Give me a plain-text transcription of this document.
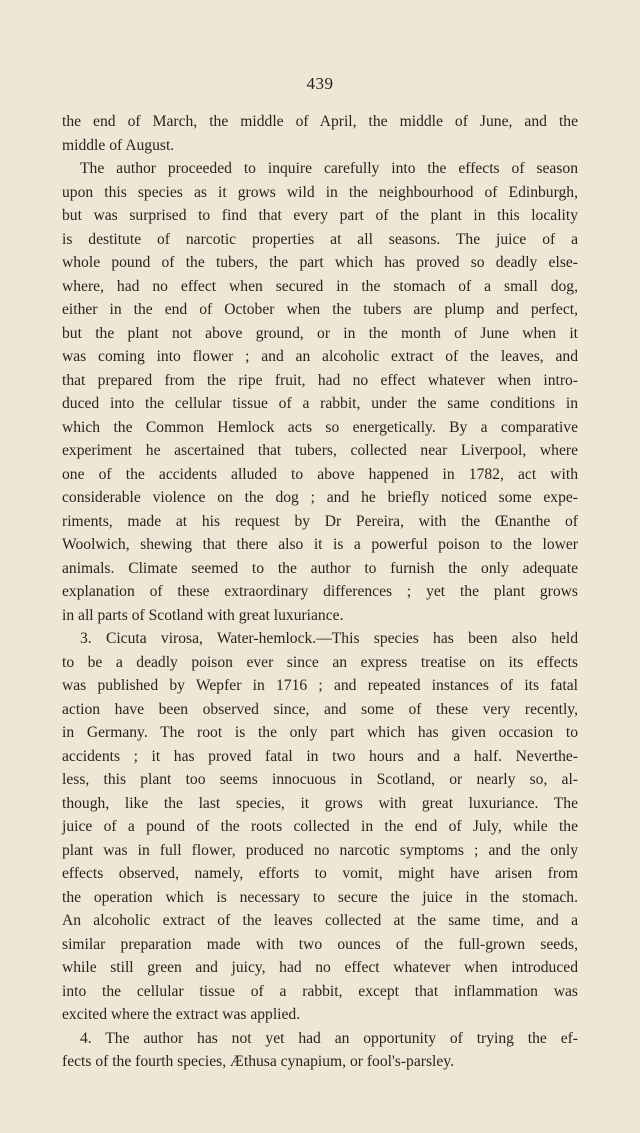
439
the end of March, the middle of April, the middle of June, and the
middle of August.
The author proceeded to inquire carefully into the effects of season
upon this species as it grows wild in the neighbourhood of Edinburgh,
but was surprised to find that every part of the plant in this locality
is destitute of narcotic properties at all seasons. The juice of a
whole pound of the tubers, the part which has proved so deadly else-
where, had no effect when secured in the stomach of a small dog,
either in the end of October when the tubers are plump and perfect,
but the plant not above ground, or in the month of June when it
was coming into flower ; and an alcoholic extract of the leaves, and
that prepared from the ripe fruit, had no effect whatever when intro-
duced into the cellular tissue of a rabbit, under the same conditions in
which the Common Hemlock acts so energetically. By a comparative
experiment he ascertained that tubers, collected near Liverpool, where
one of the accidents alluded to above happened in 1782, act with
considerable violence on the dog ; and he briefly noticed some expe-
riments, made at his request by Dr Pereira, with the Œnanthe of
Woolwich, shewing that there also it is a powerful poison to the lower
animals. Climate seemed to the author to furnish the only adequate
explanation of these extraordinary differences ; yet the plant grows
in all parts of Scotland with great luxuriance.
3. Cicuta virosa, Water-hemlock.—This species has been also held
to be a deadly poison ever since an express treatise on its effects
was published by Wepfer in 1716 ; and repeated instances of its fatal
action have been observed since, and some of these very recently,
in Germany. The root is the only part which has given occasion to
accidents ; it has proved fatal in two hours and a half. Neverthe-
less, this plant too seems innocuous in Scotland, or nearly so, al-
though, like the last species, it grows with great luxuriance. The
juice of a pound of the roots collected in the end of July, while the
plant was in full flower, produced no narcotic symptoms ; and the only
effects observed, namely, efforts to vomit, might have arisen from
the operation which is necessary to secure the juice in the stomach.
An alcoholic extract of the leaves collected at the same time, and a
similar preparation made with two ounces of the full-grown seeds,
while still green and juicy, had no effect whatever when introduced
into the cellular tissue of a rabbit, except that inflammation was
excited where the extract was applied.
4. The author has not yet had an opportunity of trying the ef-
fects of the fourth species, Æthusa cynapium, or fool's-parsley.
